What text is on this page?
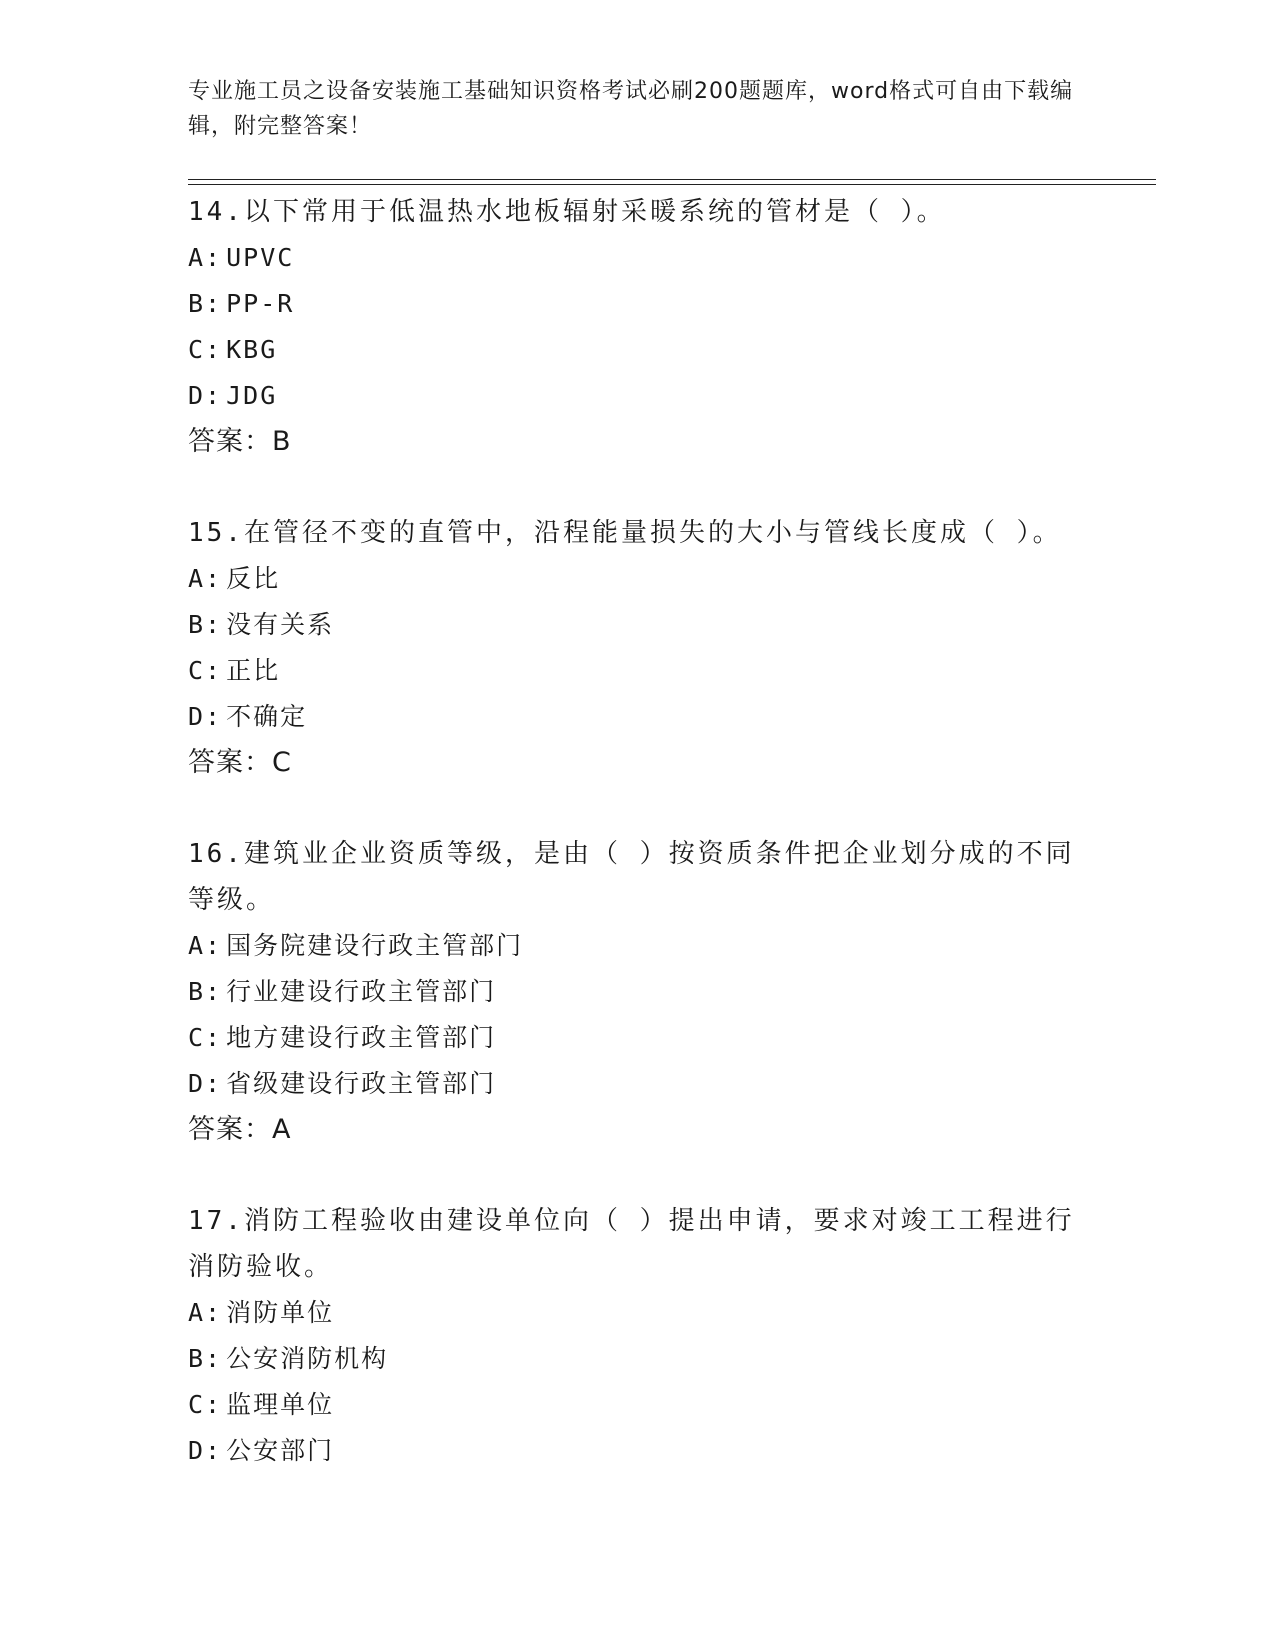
专业施工员之设备安装施工基础知识资格考试必刷200题题库，word格式可自由下载编辑，附完整答案！
14.以下常用于低温热水地板辐射采暖系统的管材是（ ）。
A: UPVC
B: PP-R
C: KBG
D: JDG
答案：B
15.在管径不变的直管中，沿程能量损失的大小与管线长度成（ ）。
A: 反比
B: 没有关系
C: 正比
D: 不确定
答案：C
16.建筑业企业资质等级，是由（ ）按资质条件把企业划分成的不同等级。
A: 国务院建设行政主管部门
B: 行业建设行政主管部门
C: 地方建设行政主管部门
D: 省级建设行政主管部门
答案：A
17.消防工程验收由建设单位向（ ）提出申请，要求对竣工工程进行消防验收。
A: 消防单位
B: 公安消防机构
C: 监理单位
D: 公安部门
